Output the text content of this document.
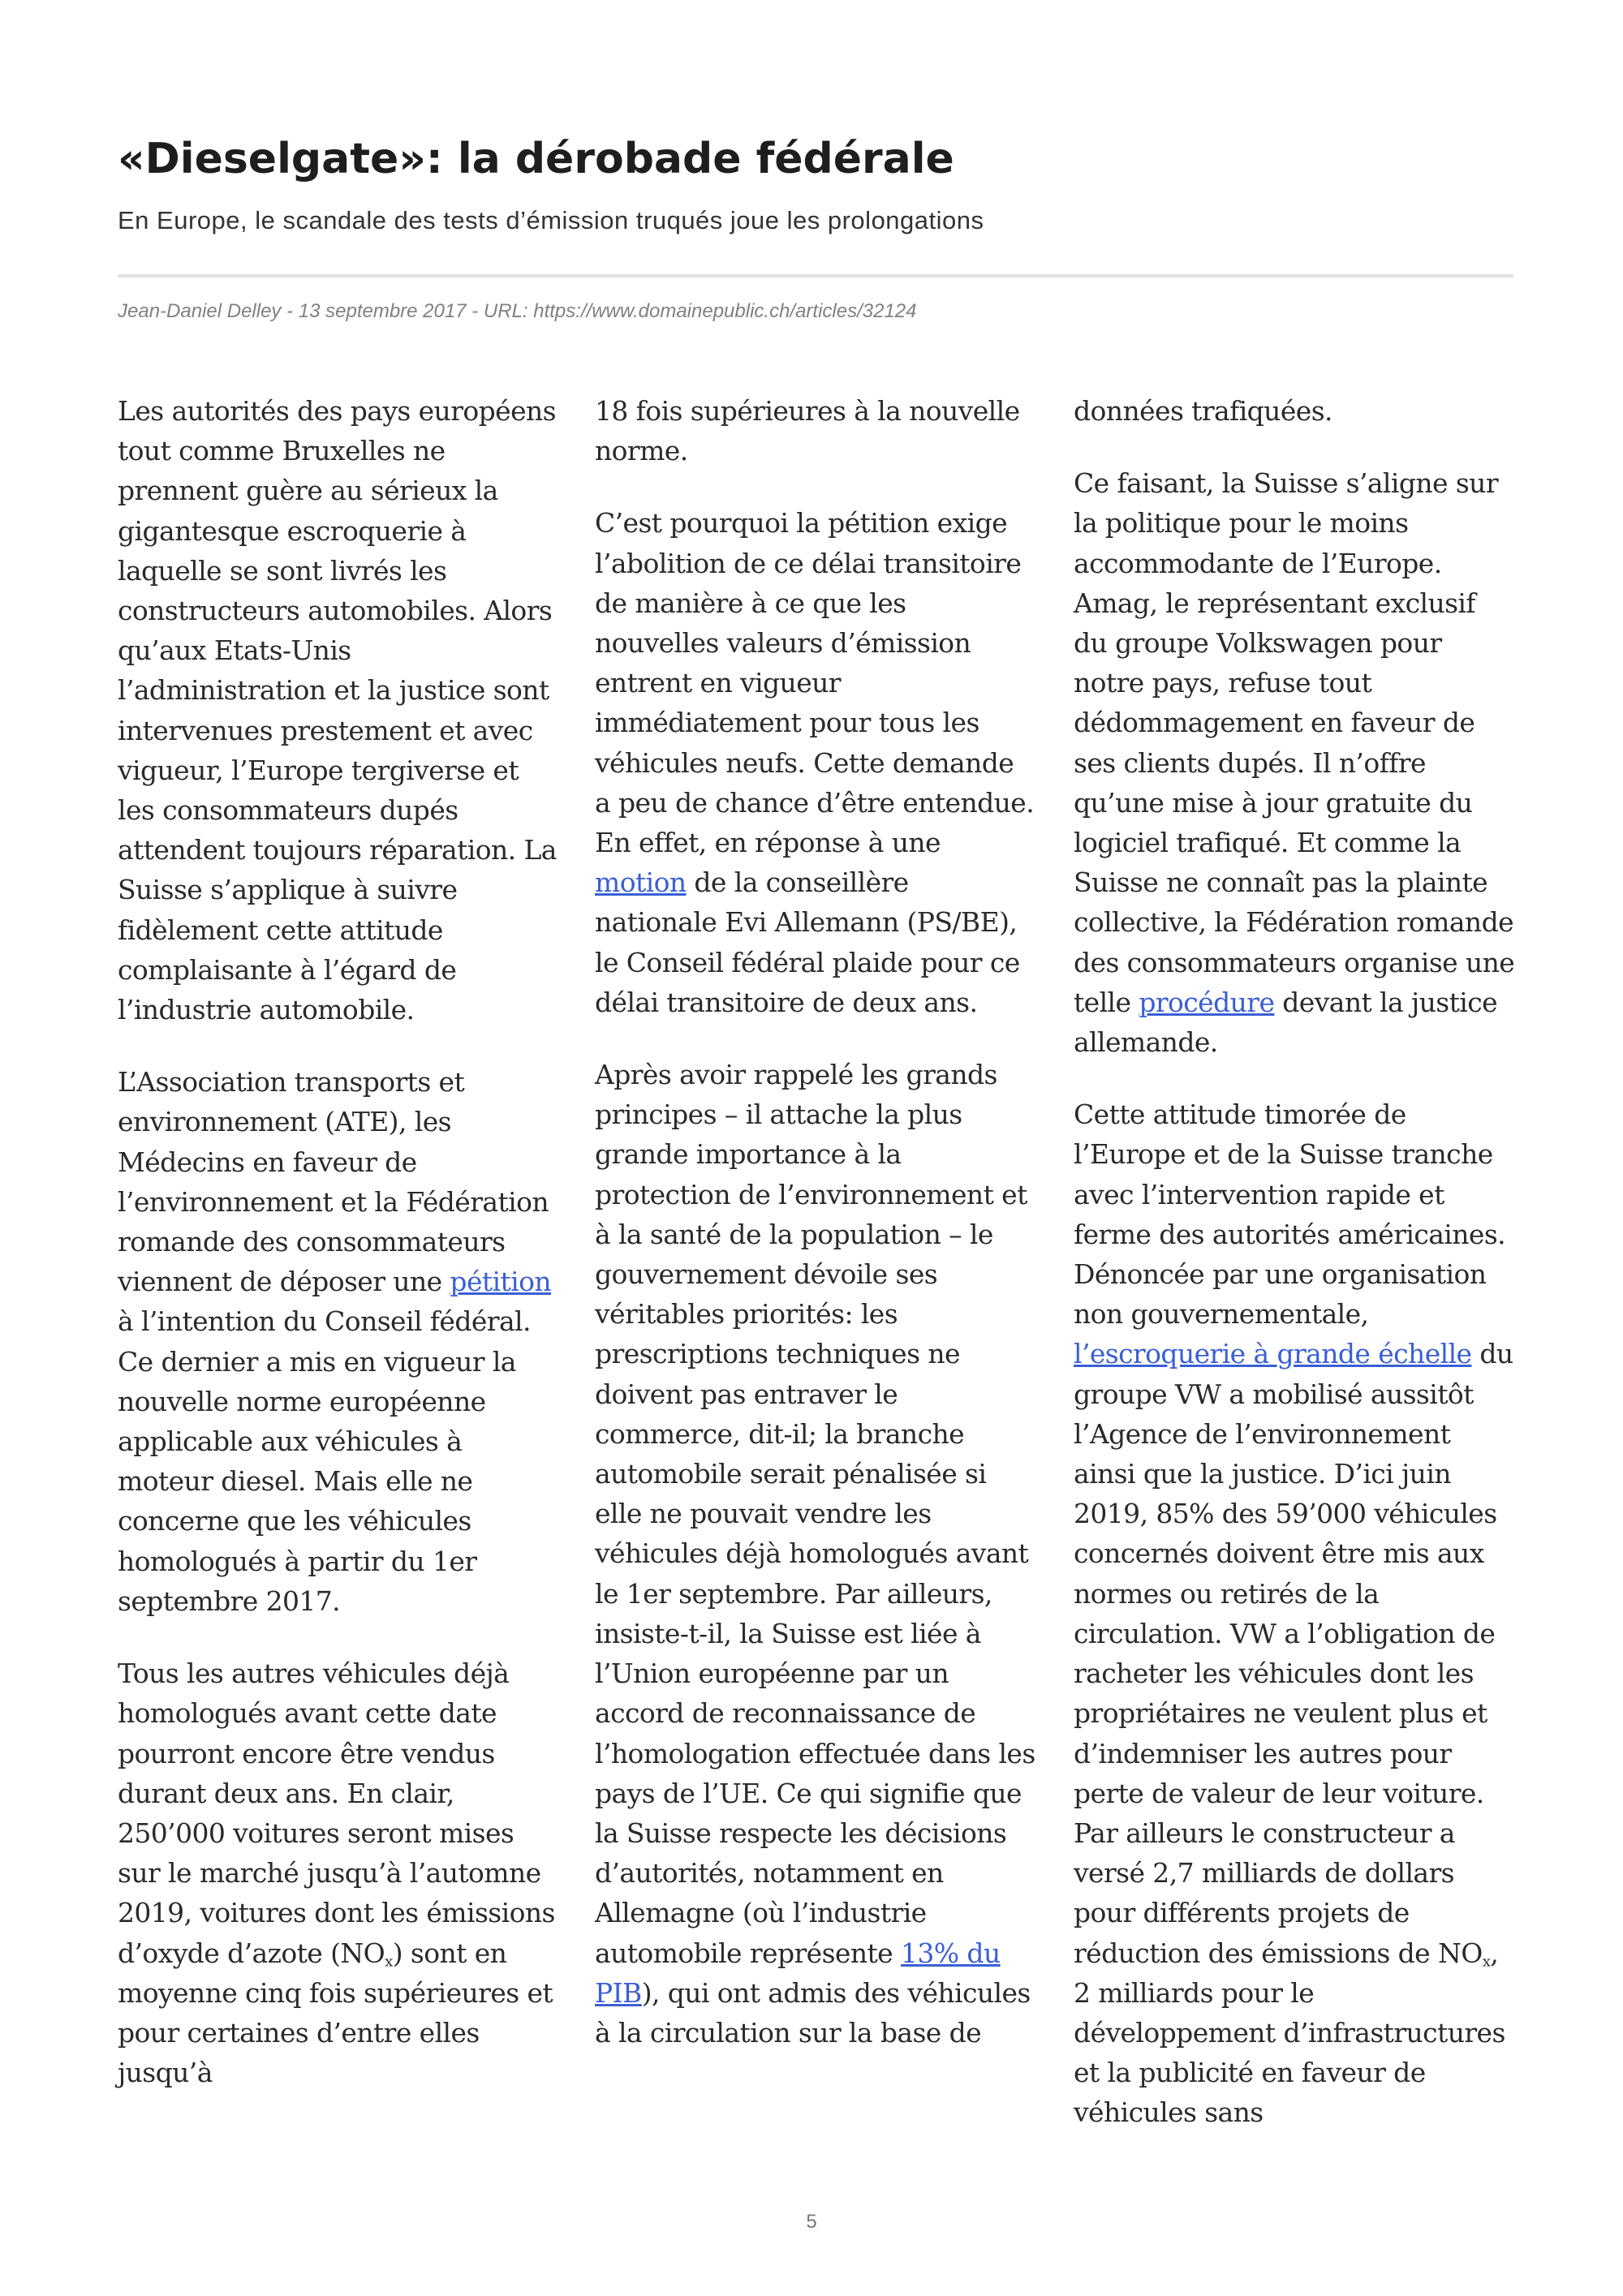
«Dieselgate»: la dérobade fédérale
En Europe, le scandale des tests d’émission truqués joue les prolongations
Jean-Daniel Delley - 13 septembre 2017 - URL: https://www.domainepublic.ch/articles/32124

Les autorités des pays européens tout comme Bruxelles ne prennent guère au sérieux la gigantesque escroquerie à laquelle se sont livrés les constructeurs automobiles. Alors qu’aux Etats-Unis l’administration et la justice sont intervenues prestement et avec vigueur, l’Europe tergiverse et les consommateurs dupés attendent toujours réparation. La Suisse s’applique à suivre fidèlement cette attitude complaisante à l’égard de l’industrie automobile.

L’Association transports et environnement (ATE), les Médecins en faveur de l’environnement et la Fédération romande des consommateurs viennent de déposer une pétition à l’intention du Conseil fédéral. Ce dernier a mis en vigueur la nouvelle norme européenne applicable aux véhicules à moteur diesel. Mais elle ne concerne que les véhicules homologués à partir du 1er septembre 2017.

Tous les autres véhicules déjà homologués avant cette date pourront encore être vendus durant deux ans. En clair, 250’000 voitures seront mises sur le marché jusqu’à l’automne 2019, voitures dont les émissions d’oxyde d’azote $(NO_x)$ sont en moyenne cinq fois supérieures et pour certaines d’entre elles jusqu’à

18 fois supérieures à la nouvelle norme.

C’est pourquoi la pétition exige l’abolition de ce délai transitoire de manière à ce que les nouvelles valeurs d’émission entrent en vigueur immédiatement pour tous les véhicules neufs. Cette demande a peu de chance d’être entendue. En effet, en réponse à une motion de la conseillère nationale Evi Allemann (PS/BE), le Conseil fédéral plaide pour ce délai transitoire de deux ans.

Après avoir rappelé les grands principes – il attache la plus grande importance à la protection de l’environnement et à la santé de la population – le gouvernement dévoile ses véritables priorités: les prescriptions techniques ne doivent pas entraver le commerce, dit-il; la branche automobile serait pénalisée si elle ne pouvait vendre les véhicules déjà homologués avant le 1er septembre. Par ailleurs, insiste-t-il, la Suisse est liée à l’Union européenne par un accord de reconnaissance de l’homologation effectuée dans les pays de l’UE. Ce qui signifie que la Suisse respecte les décisions d’autorités, notamment en Allemagne (où l’industrie automobile représente 13% du PIB), qui ont admis des véhicules à la circulation sur la base de

données trafiquées.

Ce faisant, la Suisse s’aligne sur la politique pour le moins accommodante de l’Europe. Amag, le représentant exclusif du groupe Volkswagen pour notre pays, refuse tout dédommagement en faveur de ses clients dupés. Il n’offre qu’une mise à jour gratuite du logiciel trafiqué. Et comme la Suisse ne connaît pas la plainte collective, la Fédération romande des consommateurs organise une telle procédure devant la justice allemande.

Cette attitude timorée de l’Europe et de la Suisse tranche avec l’intervention rapide et ferme des autorités américaines. Dénoncée par une organisation non gouvernementale, l’escroquerie à grande échelle du groupe VW a mobilisé aussitôt l’Agence de l’environnement ainsi que la justice. D’ici juin 2019, 85% des 59’000 véhicules concernés doivent être mis aux normes ou retirés de la circulation. VW a l’obligation de racheter les véhicules dont les propriétaires ne veulent plus et d’indemniser les autres pour perte de valeur de leur voiture. Par ailleurs le constructeur a versé 2,7 milliards de dollars pour différents projets de réduction des émissions de $NO_x$, 2 milliards pour le développement d’infrastructures et la publicité en faveur de véhicules sans

5
